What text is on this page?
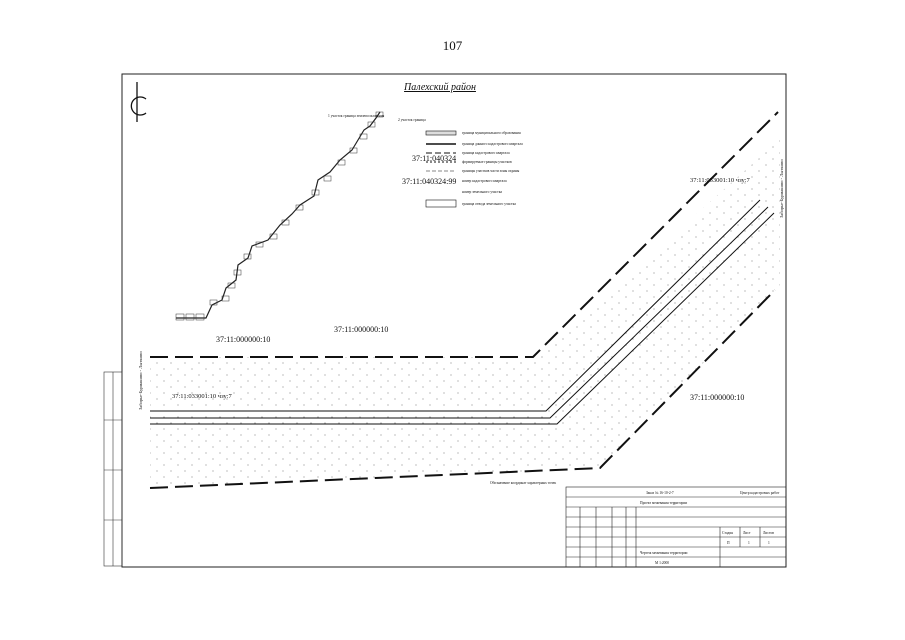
107
Палехский район
1 участок граница землепользования
2 участок граница
граница муниципального образования
граница данного кадастрового квартала
граница кадастрового квартала
формируемые границы участков
границы участков части зоны охраны
номер кадастрового квартала
номер земельного участка
граница отвода земельного участка
37:11:040324
37:11:040324:99
37:11:000000:10
37:11:000000:10
37:11:033001:10 чзу:7
37:11:033001:10 чзу:7
37:11:000000:10
Заборье-Бурмакино - Лыткино
Заборье-Бурмакино - Лыткино
Обозначение координат характерных точек
Заказ № 16-10-2-7
Проект межевания территории
Центр кадастровых работ
Стадия	Лист	Листов
П	1	1
Чертеж межевания территории
М 1:2000
